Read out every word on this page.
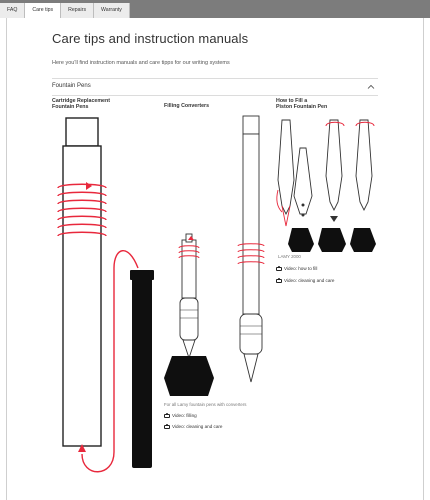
FAQ	Care tips	Repairs	Warranty
Care tips and instruction manuals
Here you'll find instruction manuals and care tipps for our writing systems
Fountain Pens
Cartridge Replacement
Fountain Pens	Filling Converters
How to Fill a
Piston Fountain Pen
LAMY 2000
Video: how to fill
Video: cleaning and care
For all Lamy fountain pens with converters
Video: filling
Video: cleaning and care
